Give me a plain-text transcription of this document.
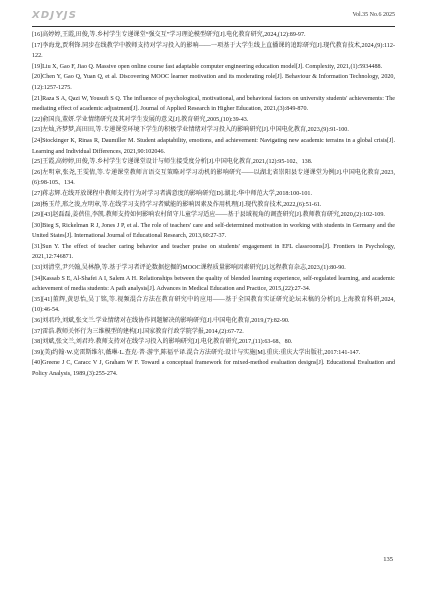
XDJYJS	Vol.35 No.6 2025

[16]高婷婷,王霞,田俊,等.乡村学生专递课堂“强交互”学习理论模型研究[J].电化教育研究,2024,(12):89-97.

[17]李海龙,贾利锋.同步在线教学中教师支持对学习投入的影响——一项基于大学生线上直播课的追踪研究[J].现代教育技术,2024,(9):112-122.

[19]Liu X, Gao F, Jiao Q. Massive open online course fast adaptable computer engineering education model[J]. Complexity, 2021,(1):5934488.

[20]Chen Y, Gao Q, Yuan Q, et al. Discovering MOOC learner motivation and its moderating role[J]. Behaviour & Information Technology, 2020,(12):1257-1275.

[21]Raza S A, Qazi W, Yousufi S Q. The influence of psychological, motivational, and behavioral factors on university students' achievements: The mediating effect of academic adjustment[J]. Journal of Applied Research in Higher Education, 2021,(3):849-870.

[22]俞国良,董妍.学业情绪研究及其对学生发展的意义[J].教育研究,2005,(10):39-43.

[23]左灿,齐梦梦,高田田,等.专递课堂环境下学生的积极学业情绪对学习投入的影响研究[J].中国电化教育,2023,(9):91-100.

[24]Stockinger K, Rinas R, Daumiller M. Student adaptability, emotions, and achievement: Navigating new academic terrains in a global crisis[J]. Learning and Individual Differences, 2021,90:102046.

[25]王霞,高婷婷,田俊,等.乡村学生专递课堂设计与师生接受度分析[J].中国电化教育,2021,(12):95-102、138.

[26]左明章,张尧,王雯倩,等.专递课堂教师言语交互策略对学习动机的影响研究——以湖北省崇阳县专递课堂为例[J].中国电化教育,2023,(6):98-105、134.

[27]蒋志辉.在线开放课程中教师支持行为对学习者满意度的影响研究[D].湖北:华中师范大学,2018:100-101.

[28]杨玉芹,邢之浚,左明章,等.在线学习支持学习者赋能的影响因素及作用机理[J].现代教育技术,2022,(6):51-61.

[29][43]赵磊磊,姜蓓佳,李凯.教师支持如何影响农村留守儿童学习适应——基于县域视角的调查研究[J].教师教育研究,2020,(2):102-109.

[30]Bieg S, Rickelman R J, Jones J P, et al. The role of teachers' care and self-determined motivation in working with students in Germany and the United States[J]. International Journal of Educational Research, 2013,60:27-37.

[31]Sun Y. The effect of teacher caring behavior and teacher praise on students' engagement in EFL classrooms[J]. Frontiers in Psychology, 2021,12:746871.

[33]刘清堂,尹兴翰,吴林静,等.基于学习者评论数据挖掘的MOOC课程质量影响因素研究[J].远程教育杂志,2023,(1):80-90.

[34]Kassab S E, Al-Shafei A I, Salem A H. Relationships between the quality of blended learning experience, self-regulated learning, and academic achievement of media students: A path analysis[J]. Advances in Medical Education and Practice, 2015,(22):27-34.

[35][41]董辉,黄思怡,吴丁铭,等.视频混合方法在教育研究中的应用——基于全国教育实证研究论坛未稿的分析[J].上海教育科研,2024,(10):46-54.

[36]刘君玲,刘斌,张文兰.学业情绪对在线协作问题解决的影响研究[J].中国电化教育,2019,(7):82-90.

[37]雷浩.教师关怀行为三维模型的建构[J].国家教育行政学院学报,2014,(2):67-72.

[38]刘斌,张文兰,刘君玲.教师支持对在线学习投入的影响研究[J].电化教育研究,2017,(11):63-68、80.

[39](美)约翰·W.克雷斯维尔,薇琳·L.查克·普·游宇,陈福平译.混合方法研究:设计与实施[M].重庆:重庆大学出版社,2017:141-147.

[40]Greene J C, Caracc V J, Graham W F. Toward a conceptual framework for mixed-method evaluation designs[J]. Educational Evaluation and Policy Analysis, 1989,(3):255-274.

135
